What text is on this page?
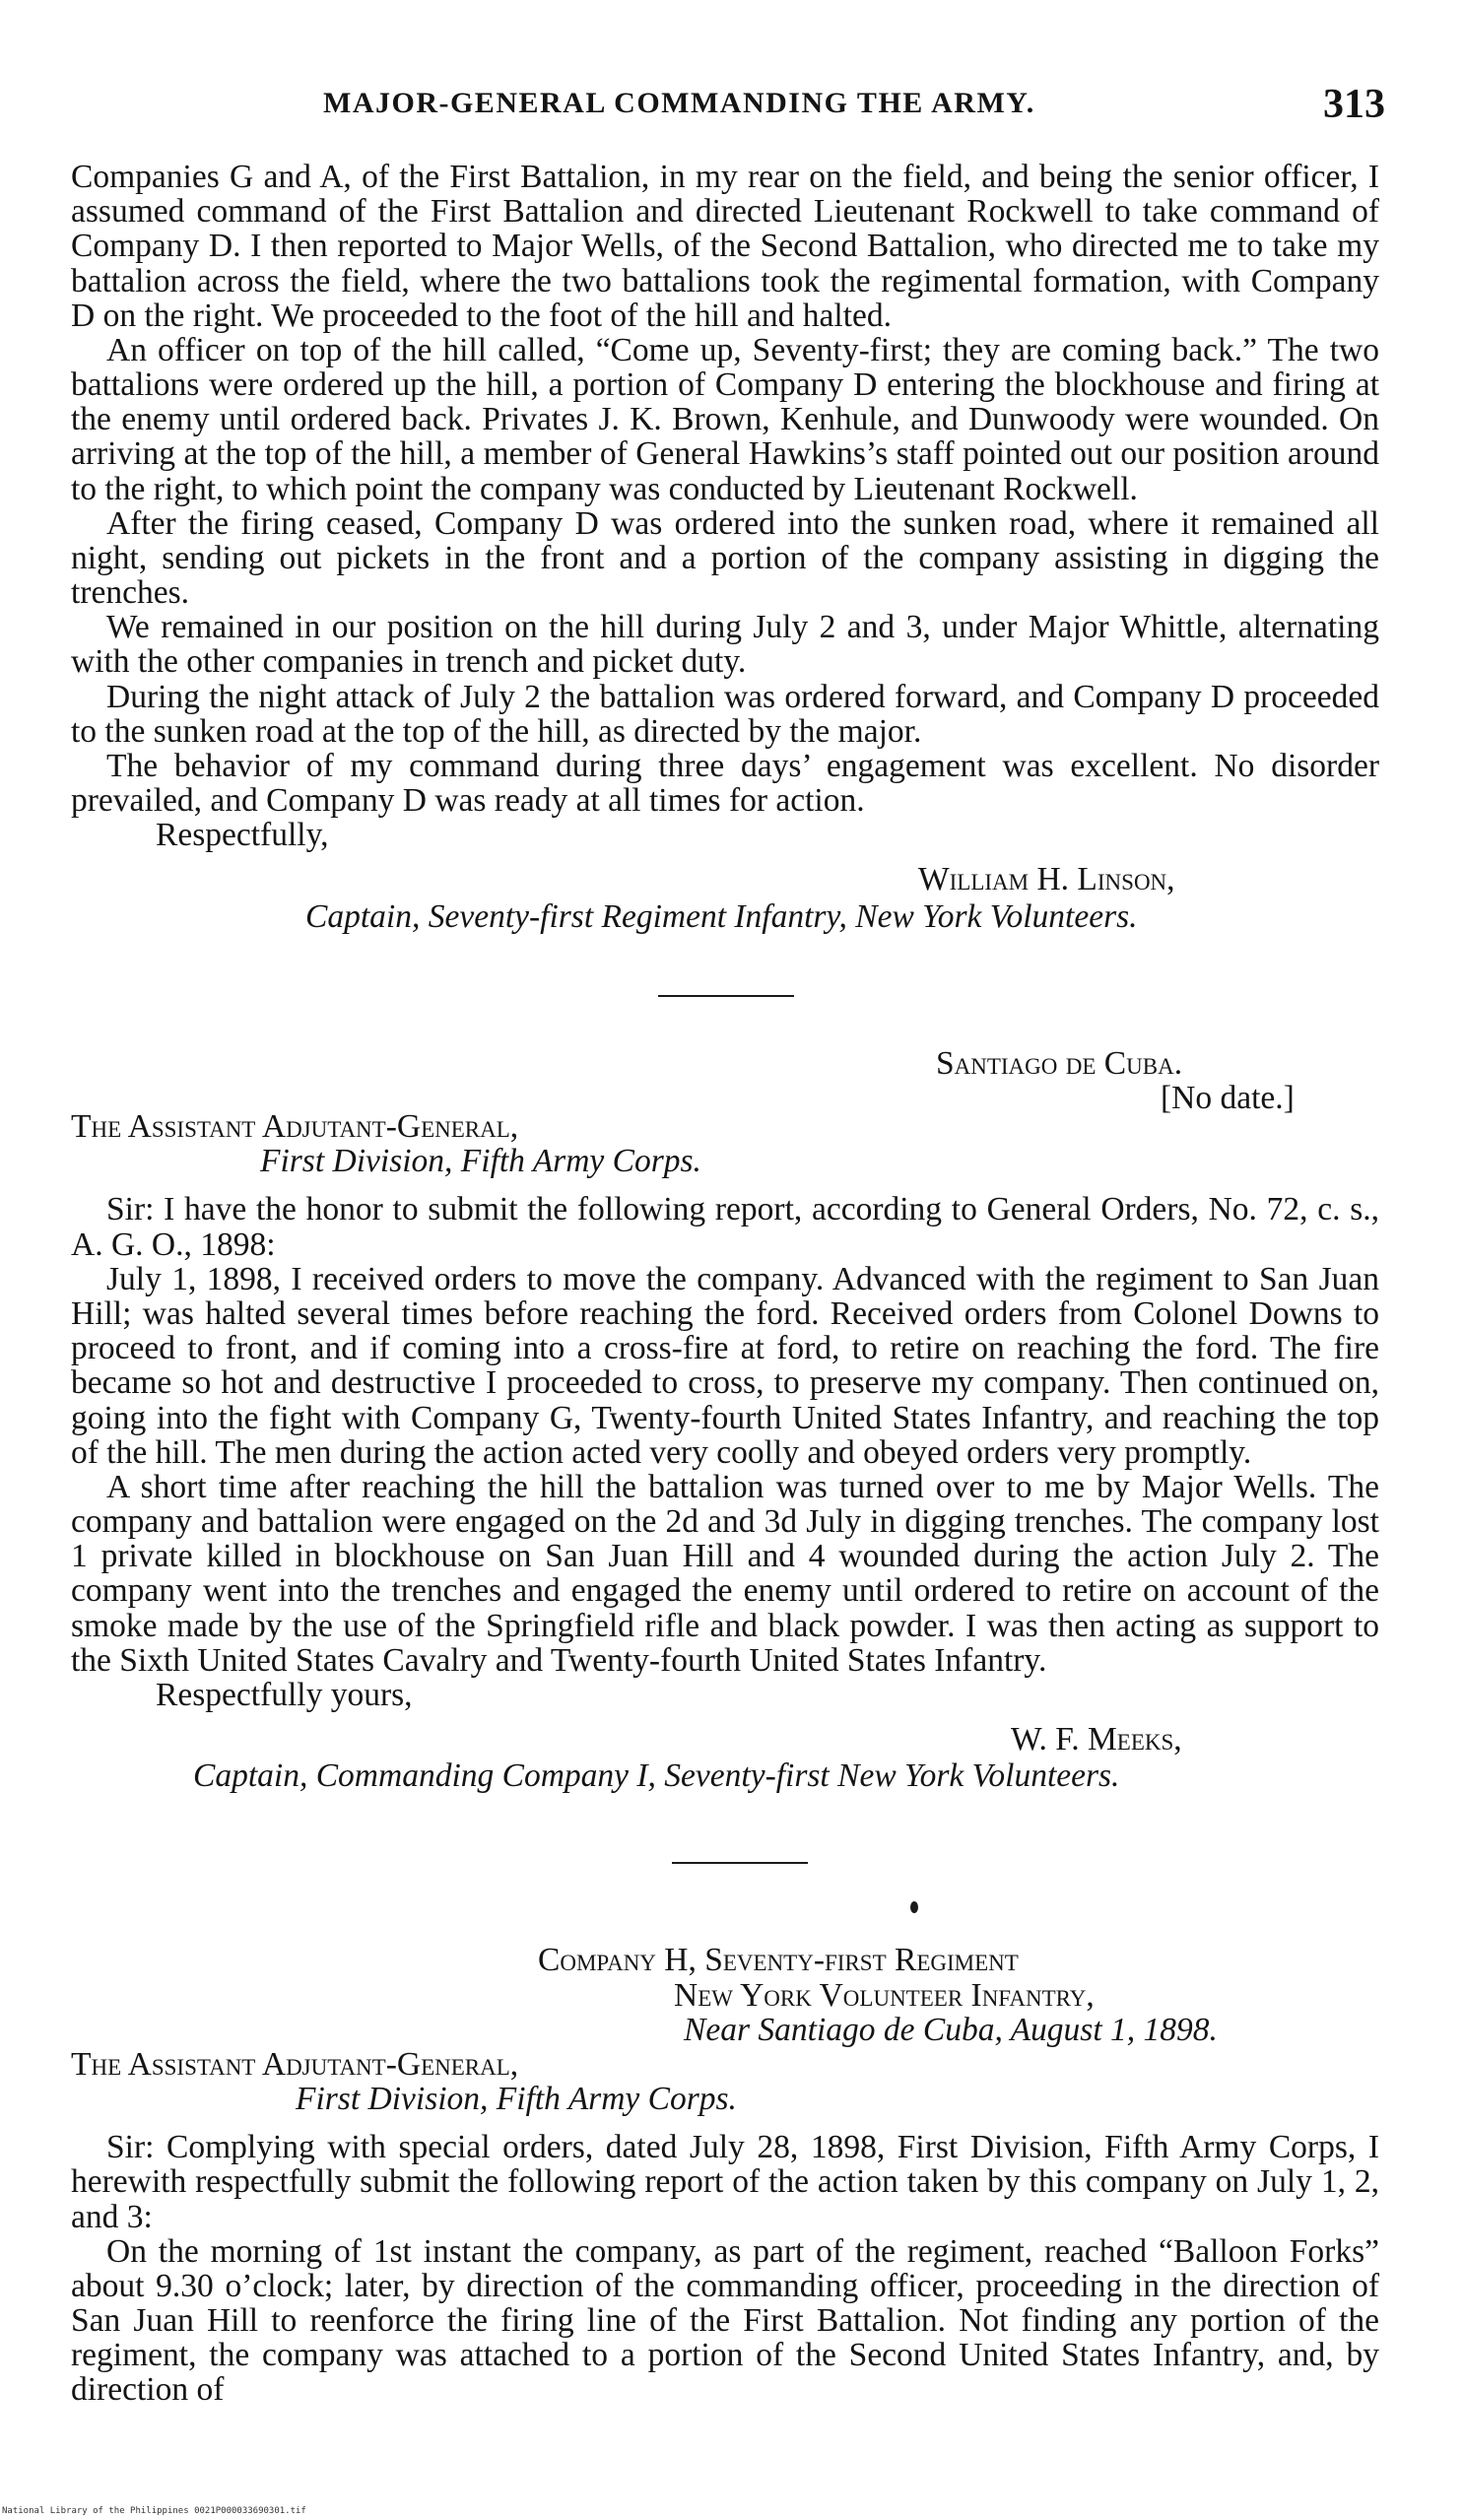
MAJOR-GENERAL COMMANDING THE ARMY.	313

Companies G and A, of the First Battalion, in my rear on the field, and being the senior officer, I assumed command of the First Battalion and directed Lieutenant Rockwell to take command of Company D. I then reported to Major Wells, of the Second Battalion, who directed me to take my battalion across the field, where the two battalions took the regimental formation, with Company D on the right. We proceeded to the foot of the hill and halted.

An officer on top of the hill called, “Come up, Seventy-first; they are coming back.” The two battalions were ordered up the hill, a portion of Company D entering the blockhouse and firing at the enemy until ordered back. Privates J. K. Brown, Kenhule, and Dunwoody were wounded. On arriving at the top of the hill, a member of General Hawkins’s staff pointed out our position around to the right, to which point the company was conducted by Lieutenant Rockwell.

After the firing ceased, Company D was ordered into the sunken road, where it remained all night, sending out pickets in the front and a portion of the company assisting in digging the trenches.

We remained in our position on the hill during July 2 and 3, under Major Whittle, alternating with the other companies in trench and picket duty.

During the night attack of July 2 the battalion was ordered forward, and Company D proceeded to the sunken road at the top of the hill, as directed by the major.

The behavior of my command during three days’ engagement was excellent. No disorder prevailed, and Company D was ready at all times for action.

Respectfully,

William H. Linson,

Captain, Seventy-first Regiment Infantry, New York Volunteers.

Santiago de Cuba.

[No date.]

The Assistant Adjutant-General,

First Division, Fifth Army Corps.

Sir: I have the honor to submit the following report, according to General Orders, No. 72, c. s., A. G. O., 1898:

July 1, 1898, I received orders to move the company. Advanced with the regiment to San Juan Hill; was halted several times before reaching the ford. Received orders from Colonel Downs to proceed to front, and if coming into a cross-fire at ford, to retire on reaching the ford. The fire became so hot and destructive I proceeded to cross, to preserve my company. Then continued on, going into the fight with Company G, Twenty-fourth United States Infantry, and reaching the top of the hill. The men during the action acted very coolly and obeyed orders very promptly.

A short time after reaching the hill the battalion was turned over to me by Major Wells. The company and battalion were engaged on the 2d and 3d July in digging trenches. The company lost 1 private killed in blockhouse on San Juan Hill and 4 wounded during the action July 2. The company went into the trenches and engaged the enemy until ordered to retire on account of the smoke made by the use of the Springfield rifle and black powder. I was then acting as support to the Sixth United States Cavalry and Twenty-fourth United States Infantry.

Respectfully yours,

W. F. Meeks,

Captain, Commanding Company I, Seventy-first New York Volunteers.

Company H, Seventy-first Regiment

New York Volunteer Infantry,

Near Santiago de Cuba, August 1, 1898.

The Assistant Adjutant-General,

First Division, Fifth Army Corps.

Sir: Complying with special orders, dated July 28, 1898, First Division, Fifth Army Corps, I herewith respectfully submit the following report of the action taken by this company on July 1, 2, and 3:

On the morning of 1st instant the company, as part of the regiment, reached “Balloon Forks” about 9.30 o’clock; later, by direction of the commanding officer, proceeding in the direction of San Juan Hill to reenforce the firing line of the First Battalion. Not finding any portion of the regiment, the company was attached to a portion of the Second United States Infantry, and, by direction of

National Library of the Philippines 0021P000033690301.tif
